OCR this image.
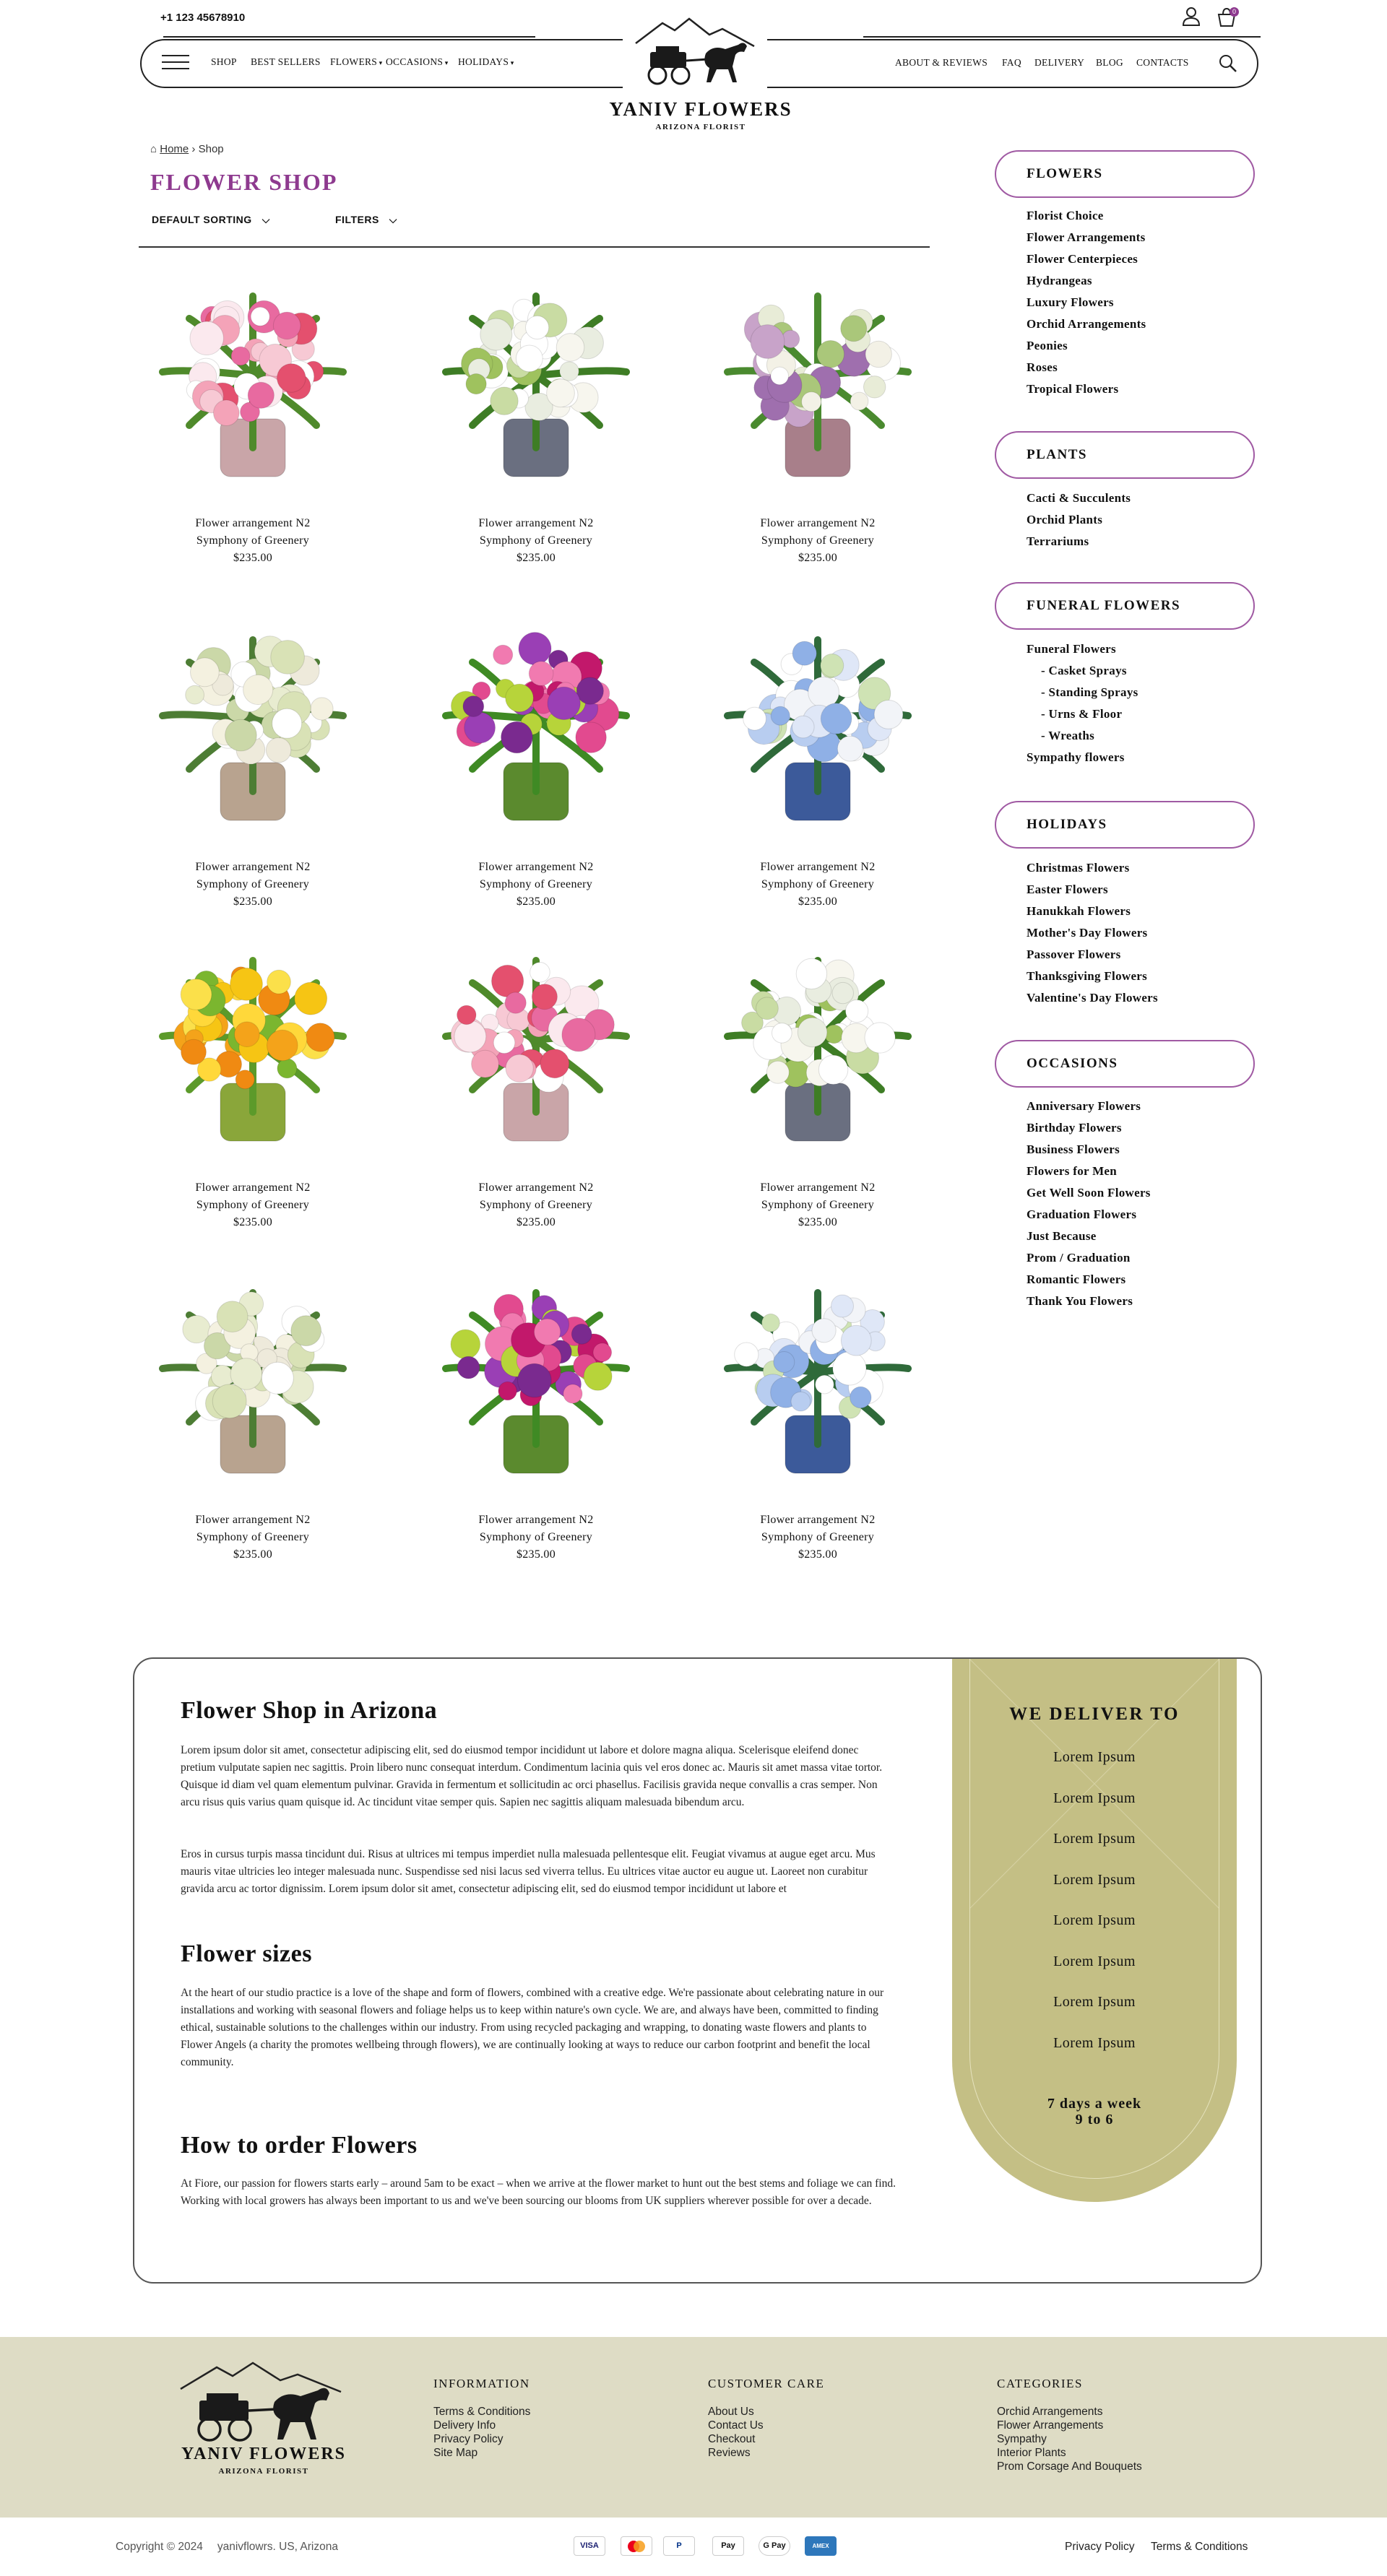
+1 123 45678910	0
SHOP BEST SELLERS FLOWERS ▾ OCCASIONS ▾ HOLIDAYS ▾	ABOUT & REVIEWS FAQ DELIVERY BLOG CONTACTS
YANIV FLOWERS
ARIZONA FLORIST
⌂ Home › Shop
FLOWER SHOP
DEFAULT SORTING ⌵	FILTERS ⌵
Flower arrangement N2
Symphony of Greenery
$235.00
Flower arrangement N2
Symphony of Greenery
$235.00
Flower arrangement N2
Symphony of Greenery
$235.00
Flower arrangement N2
Symphony of Greenery
$235.00
Flower arrangement N2
Symphony of Greenery
$235.00
Flower arrangement N2
Symphony of Greenery
$235.00
Flower arrangement N2
Symphony of Greenery
$235.00
Flower arrangement N2
Symphony of Greenery
$235.00
Flower arrangement N2
Symphony of Greenery
$235.00
Flower arrangement N2
Symphony of Greenery
$235.00
Flower arrangement N2
Symphony of Greenery
$235.00
Flower arrangement N2
Symphony of Greenery
$235.00
FLOWERS
Florist Choice
Flower Arrangements
Flower Centerpieces
Hydrangeas
Luxury Flowers
Orchid Arrangements
Peonies
Roses
Tropical Flowers
PLANTS
Cacti & Succulents
Orchid Plants
Terrariums
FUNERAL FLOWERS
Funeral Flowers
- Casket Sprays
- Standing Sprays
- Urns & Floor
- Wreaths
Sympathy flowers
HOLIDAYS
Christmas Flowers
Easter Flowers
Hanukkah Flowers
Mother's Day Flowers
Passover Flowers
Thanksgiving Flowers
Valentine's Day Flowers
OCCASIONS
Anniversary Flowers
Birthday Flowers
Business Flowers
Flowers for Men
Get Well Soon Flowers
Graduation Flowers
Just Because
Prom / Graduation
Romantic Flowers
Thank You Flowers
Flower Shop in Arizona
Lorem ipsum dolor sit amet, consectetur adipiscing elit, sed do eiusmod tempor incididunt ut labore et dolore magna aliqua. Scelerisque eleifend donec pretium vulputate sapien nec sagittis. Proin libero nunc consequat interdum. Condimentum lacinia quis vel eros donec ac. Mauris sit amet massa vitae tortor. Quisque id diam vel quam elementum pulvinar. Gravida in fermentum et sollicitudin ac orci phasellus. Facilisis gravida neque convallis a cras semper. Non arcu risus quis varius quam quisque id. Ac tincidunt vitae semper quis. Sapien nec sagittis aliquam malesuada bibendum arcu.
Eros in cursus turpis massa tincidunt dui. Risus at ultrices mi tempus imperdiet nulla malesuada pellentesque elit. Feugiat vivamus at augue eget arcu. Mus mauris vitae ultricies leo integer malesuada nunc. Suspendisse sed nisi lacus sed viverra tellus. Eu ultrices vitae auctor eu augue ut. Laoreet non curabitur gravida arcu ac tortor dignissim. Lorem ipsum dolor sit amet, consectetur adipiscing elit, sed do eiusmod tempor incididunt ut labore et
Flower sizes
At the heart of our studio practice is a love of the shape and form of flowers, combined with a creative edge. We're passionate about celebrating nature in our installations and working with seasonal flowers and foliage helps us to keep within nature's own cycle. We are, and always have been, committed to finding ethical, sustainable solutions to the challenges within our industry. From using recycled packaging and wrapping, to donating waste flowers and plants to Flower Angels (a charity the promotes wellbeing through flowers), we are continually looking at ways to reduce our carbon footprint and benefit the local community.
How to order Flowers
At Fiore, our passion for flowers starts early – around 5am to be exact – when we arrive at the flower market to hunt out the best stems and foliage we can find. Working with local growers has always been important to us and we've been sourcing our blooms from UK suppliers wherever possible for over a decade.
WE DELIVER TO
Lorem Ipsum
Lorem Ipsum
Lorem Ipsum
Lorem Ipsum
Lorem Ipsum
Lorem Ipsum
Lorem Ipsum
Lorem Ipsum
7 days a week
9 to 6
YANIV FLOWERS
ARIZONA FLORIST
INFORMATION
Terms & Conditions
Delivery Info
Privacy Policy
Site Map
CUSTOMER CARE
About Us
Contact Us
Checkout
Reviews
CATEGORIES
Orchid Arrangements
Flower Arrangements
Sympathy
Interior Plants
Prom Corsage And Bouquets
Copyright © 2024 yanivflowrs. US, Arizona	VISA	P	Pay	G Pay	AMEX	Privacy Policy Terms & Conditions
